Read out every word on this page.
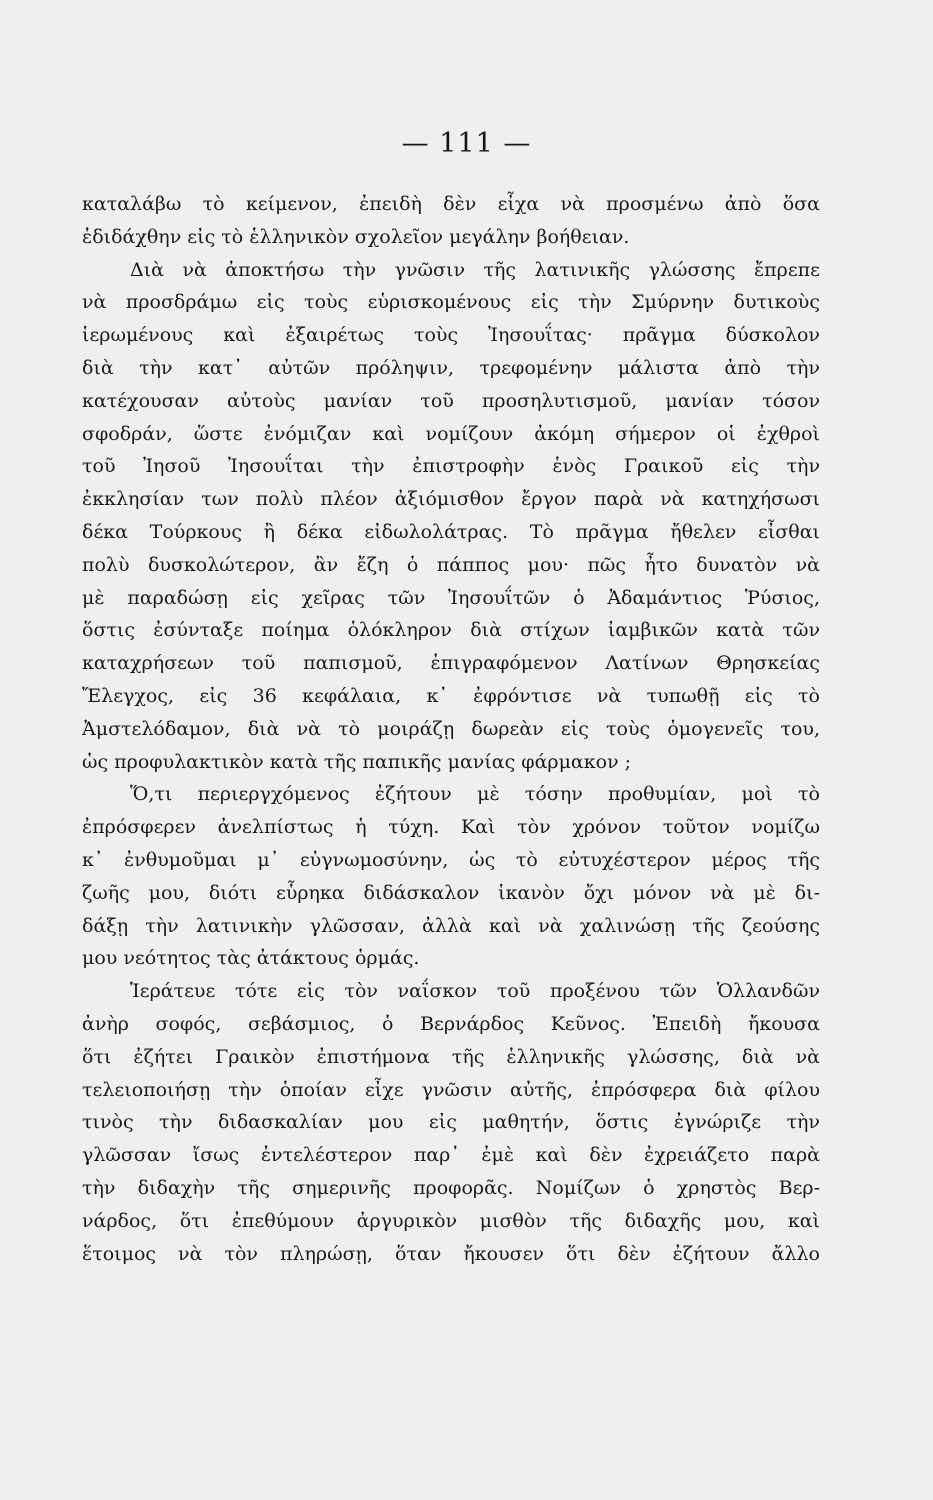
— 111 —
καταλάβω τὸ κείμενον, ἐπειδὴ δὲν εἶχα νὰ προσμένω ἀπὸ ὅσα
ἐδιδάχθην εἰς τὸ ἑλληνικὸν σχολεῖον μεγάλην βοήθειαν.
Διὰ νὰ ἀποκτήσω τὴν γνῶσιν τῆς λατινικῆς γλώσσης ἔπρεπε
νὰ προσδράμω εἰς τοὺς εὑρισκομένους εἰς τὴν Σμύρνην δυτικοὺς
ἱερωμένους καὶ ἐξαιρέτως τοὺς Ἰησουΐτας· πρᾶγμα δύσκολον
διὰ τὴν κατ᾽ αὐτῶν πρόληψιν, τρεφομένην μάλιστα ἀπὸ τὴν
κατέχουσαν αὐτοὺς μανίαν τοῦ προσηλυτισμοῦ, μανίαν τόσον
σφοδράν, ὥστε ἐνόμιζαν καὶ νομίζουν ἀκόμη σήμερον οἱ ἐχθροὶ
τοῦ Ἰησοῦ Ἰησουΐται τὴν ἐπιστροφὴν ἑνὸς Γραικοῦ εἰς τὴν
ἐκκλησίαν των πολὺ πλέον ἀξιόμισθον ἔργον παρὰ νὰ κατηχήσωσι
δέκα Τούρκους ἢ δέκα εἰδωλολάτρας. Τὸ πρᾶγμα ἤθελεν εἶσθαι
πολὺ δυσκολώτερον, ἂν ἔζη ὁ πάππος μου· πῶς ἦτο δυνατὸν νὰ
μὲ παραδώσῃ εἰς χεῖρας τῶν Ἰησουΐτῶν ὁ Ἀδαμάντιος Ῥύσιος,
ὅστις ἐσύνταξε ποίημα ὁλόκληρον διὰ στίχων ἰαμβικῶν κατὰ τῶν
καταχρήσεων τοῦ παπισμοῦ, ἐπιγραφόμενον Λατίνων Θρησκείας
Ἔλεγχος, εἰς 36 κεφάλαια, κ᾽ ἐφρόντισε νὰ τυπωθῇ εἰς τὸ
Ἀμστελόδαμον, διὰ νὰ τὸ μοιράζῃ δωρεὰν εἰς τοὺς ὁμογενεῖς του,
ὡς προφυλακτικὸν κατὰ τῆς παπικῆς μανίας φάρμακον ;
Ὅ,τι περιεργχόμενος ἐζήτουν μὲ τόσην προθυμίαν, μοὶ τὸ
ἐπρόσφερεν ἀνελπίστως ἡ τύχη. Καὶ τὸν χρόνον τοῦτον νομίζω
κ᾽ ἐνθυμοῦμαι μ᾽ εὐγνωμοσύνην, ὡς τὸ εὐτυχέστερον μέρος τῆς
ζωῆς μου, διότι εὗρηκα διδάσκαλον ἱκανὸν ὄχι μόνον νὰ μὲ δι-
δάξῃ τὴν λατινικὴν γλῶσσαν, ἀλλὰ καὶ νὰ χαλινώσῃ τῆς ζεούσης
μου νεότητος τὰς ἀτάκτους ὁρμάς.
Ἱεράτευε τότε εἰς τὸν ναΐσκον τοῦ προξένου τῶν Ὁλλανδῶν
ἀνὴρ σοφός, σεβάσμιος, ὁ Βερνάρδος Κεῦνος. Ἐπειδὴ ἤκουσα
ὅτι ἐζήτει Γραικὸν ἐπιστήμονα τῆς ἑλληνικῆς γλώσσης, διὰ νὰ
τελειοποιήσῃ τὴν ὁποίαν εἶχε γνῶσιν αὐτῆς, ἐπρόσφερα διὰ φίλου
τινὸς τὴν διδασκαλίαν μου εἰς μαθητήν, ὅστις ἐγνώριζε τὴν
γλῶσσαν ἴσως ἐντελέστερον παρ᾽ ἐμὲ καὶ δὲν ἐχρειάζετο παρὰ
τὴν διδαχὴν τῆς σημερινῆς προφορᾶς. Νομίζων ὁ χρηστὸς Βερ-
νάρδος, ὅτι ἐπεθύμουν ἀργυρικὸν μισθὸν τῆς διδαχῆς μου, καὶ
ἕτοιμος νὰ τὸν πληρώσῃ, ὅταν ἤκουσεν ὅτι δὲν ἐζήτουν ἄλλο
